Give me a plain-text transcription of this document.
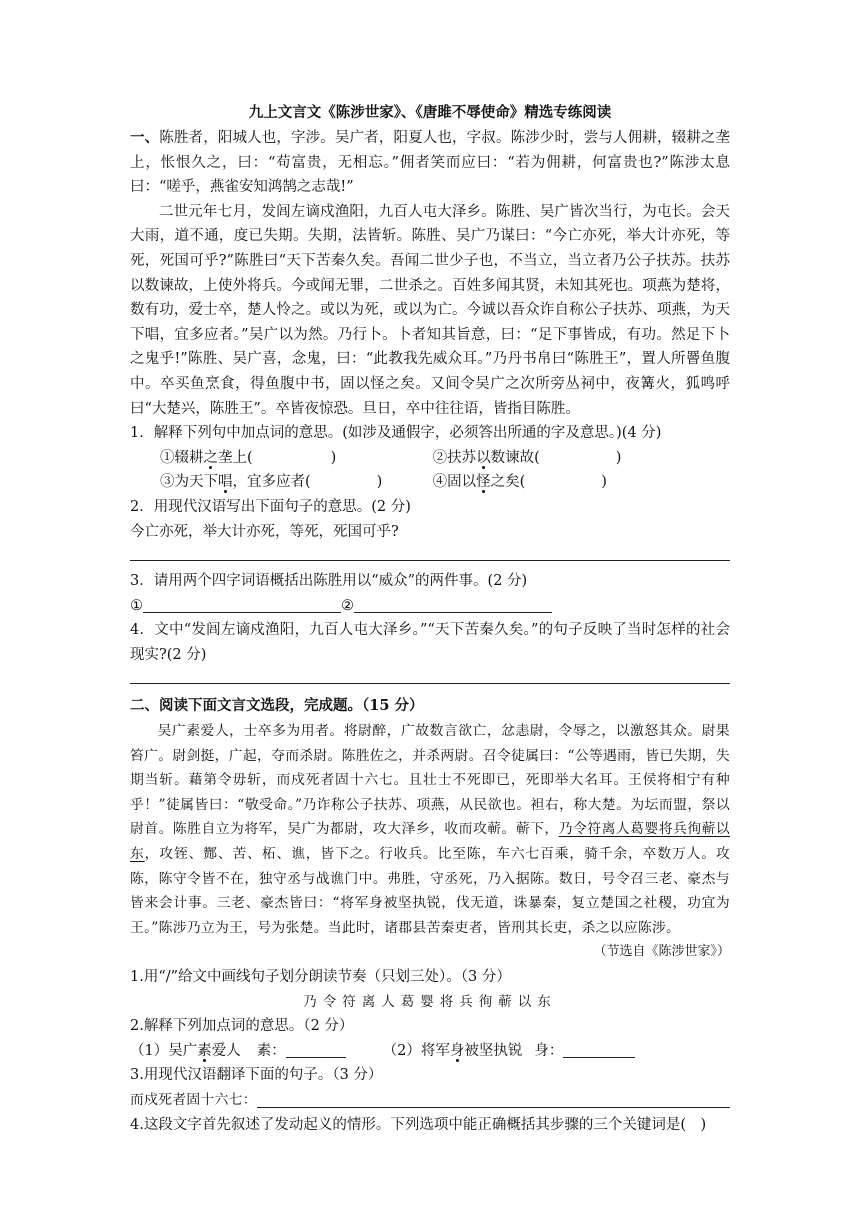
九上文言文《陈涉世家》、《唐雎不辱使命》精选专练阅读

一、陈胜者，阳城人也，字涉。吴广者，阳夏人也，字叔。陈涉少时，尝与人佣耕，辍耕之垄上，怅恨久之，曰：“苟富贵，无相忘。”佣者笑而应曰：“若为佣耕，何富贵也?”陈涉太息曰：“嗟乎，燕雀安知鸿鹄之志哉!”

二世元年七月，发闾左谪戍渔阳，九百人屯大泽乡。陈胜、吴广皆次当行，为屯长。会天大雨，道不通，度已失期。失期，法皆斩。陈胜、吴广乃谋曰：“今亡亦死，举大计亦死，等死，死国可乎?”陈胜曰“天下苦秦久矣。吾闻二世少子也，不当立，当立者乃公子扶苏。扶苏以数谏故，上使外将兵。今或闻无罪，二世杀之。百姓多闻其贤，未知其死也。项燕为楚将，数有功，爱士卒，楚人怜之。或以为死，或以为亡。今诚以吾众诈自称公子扶苏、项燕，为天下唱，宜多应者。”吴广以为然。乃行卜。卜者知其旨意，曰：“足下事皆成，有功。然足下卜之鬼乎!”陈胜、吴广喜，念鬼，曰：“此教我先威众耳。”乃丹书帛曰“陈胜王”，置人所罾鱼腹中。卒买鱼烹食，得鱼腹中书，固以怪之矣。又间令吴广之次所旁丛祠中，夜篝火，狐鸣呼曰“大楚兴，陈胜王”。卒皆夜惊恐。旦日，卒中往往语，皆指目陈胜。

1．解释下列句中加点词的意思。(如涉及通假字，必须答出所通的字及意思。)(4 分)

①辍耕之垄上(	)	②扶苏以数谏故(	)

③为天下唱，宜多应者(	)	④固以怪之矣(	)

2．用现代汉语写出下面句子的意思。(2 分)

今亡亦死，举大计亦死，等死，死国可乎?

3．请用两个四字词语概括出陈胜用以“威众”的两件事。(2 分)

①	②

4．文中“发闾左谪戍渔阳，九百人屯大泽乡。”“天下苦秦久矣。”的句子反映了当时怎样的社会现实?(2 分)

二、阅读下面文言文选段，完成题。（15 分）

吴广素爱人，士卒多为用者。将尉醉，广故数言欲亡，忿恚尉，令辱之，以激怒其众。尉果笞广。尉剑挺，广起，夺而杀尉。陈胜佐之，并杀两尉。召令徒属曰：“公等遇雨，皆已失期，失期当斩。藉第令毋斩，而戍死者固十六七。且壮士不死即已，死即举大名耳。王侯将相宁有种乎！”徒属皆曰：“敬受命。”乃诈称公子扶苏、项燕，从民欲也。袒右，称大楚。为坛而盟，祭以尉首。陈胜自立为将军，吴广为都尉，攻大泽乡，收而攻蕲。蕲下，乃令符离人葛婴将兵徇蕲以东，攻铚、酂、苦、柘、谯，皆下之。行收兵。比至陈，车六七百乘，骑千余，卒数万人。攻陈，陈守令皆不在，独守丞与战谯门中。弗胜，守丞死，乃入据陈。数日，号令召三老、豪杰与皆来会计事。三老、豪杰皆曰：“将军身被坚执锐，伐无道，诛暴秦，复立楚国之社稷，功宜为王。”陈涉乃立为王，号为张楚。当此时，诸郡县苦秦吏者，皆刑其长吏，杀之以应陈涉。

（节选自《陈涉世家》）

1.用“/”给文中画线句子划分朗读节奏（只划三处）。（3 分）

乃令符离人葛婴将兵徇蕲以东

2.解释下列加点词的意思。（2 分）

（1）吴广素爱人 素：	（2）将军身被坚执锐 身：

3.用现代汉语翻译下面的句子。（3 分）

而戍死者固十六七：

4.这段文字首先叙述了发动起义的情形。下列选项中能正确概括其步骤的三个关键词是(　)
